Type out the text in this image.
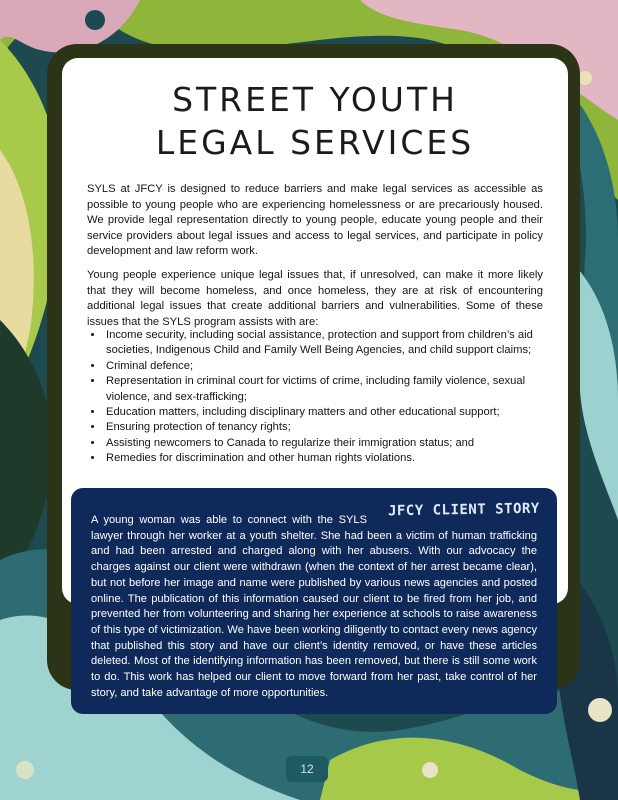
STREET YOUTH
LEGAL SERVICES

SYLS at JFCY is designed to reduce barriers and make legal services as accessible as possible to young people who are experiencing homelessness or are precariously housed. We provide legal representation directly to young people, educate young people and their service providers about legal issues and access to legal services, and participate in policy development and law reform work.

Young people experience unique legal issues that, if unresolved, can make it more likely that they will become homeless, and once homeless, they are at risk of encountering additional legal issues that create additional barriers and vulnerabilities. Some of these issues that the SYLS program assists with are:

• Income security, including social assistance, protection and support from children’s aid societies, Indigenous Child and Family Well Being Agencies, and child support claims;
• Criminal defence;
• Representation in criminal court for victims of crime, including family violence, sexual violence, and sex-trafficking;
• Education matters, including disciplinary matters and other educational support;
• Ensuring protection of tenancy rights;
• Assisting newcomers to Canada to regularize their immigration status; and
• Remedies for discrimination and other human rights violations.
JFCY CLIENT STORY

A young woman was able to connect with the SYLS lawyer through her worker at a youth shelter. She had been a victim of human trafficking and had been arrested and charged along with her abusers. With our advocacy the charges against our client were withdrawn (when the context of her arrest became clear), but not before her image and name were published by various news agencies and posted online. The publication of this information caused our client to be fired from her job, and prevented her from volunteering and sharing her experience at schools to raise awareness of this type of victimization. We have been working diligently to contact every news agency that published this story and have our client’s identity removed, or have these articles deleted. Most of the identifying information has been removed, but there is still some work to do. This work has helped our client to move forward from her past, take control of her story, and take advantage of more opportunities.

12
